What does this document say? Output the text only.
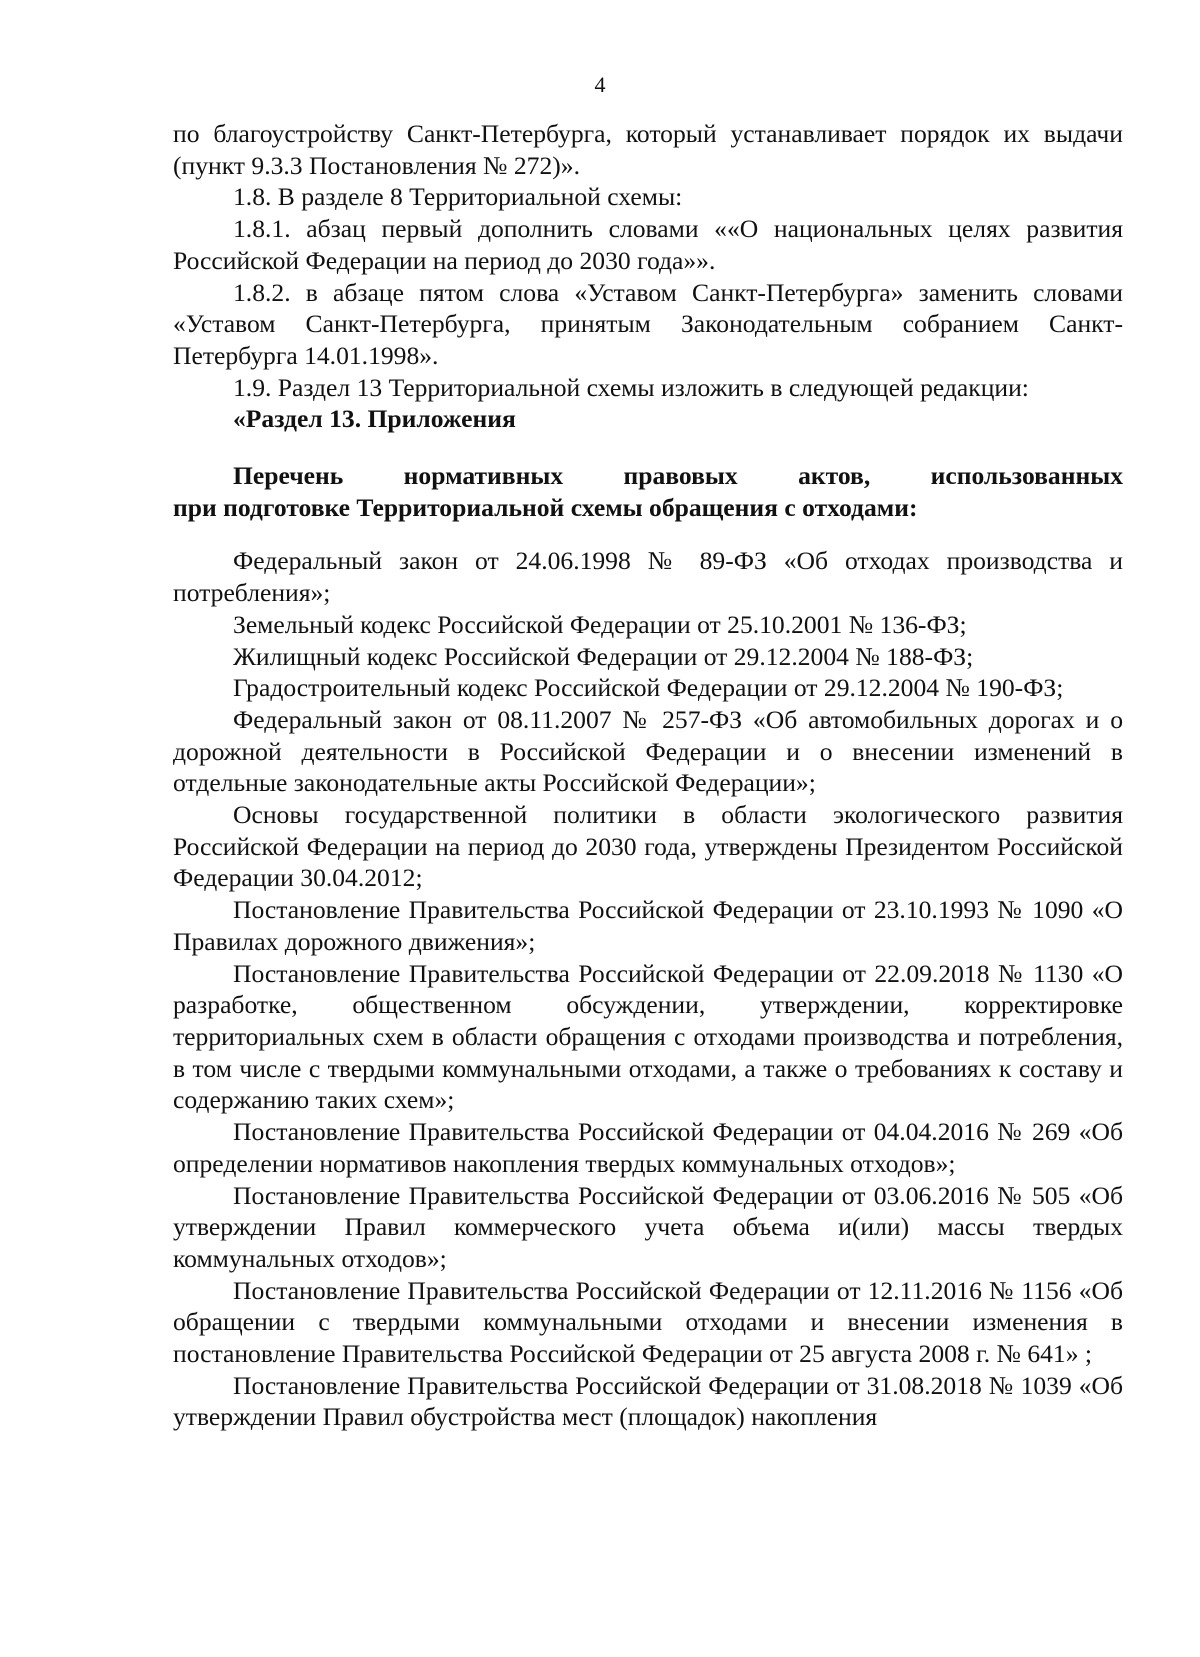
4

по благоустройству Санкт-Петербурга, который устанавливает порядок их выдачи (пункт 9.3.3 Постановления № 272)».

1.8. В разделе 8 Территориальной схемы:

1.8.1. абзац первый дополнить словами ««О национальных целях развития Российской Федерации на период до 2030 года»».

1.8.2. в абзаце пятом слова «Уставом Санкт-Петербурга» заменить словами «Уставом Санкт-Петербурга, принятым Законодательным собранием Санкт-Петербурга 14.01.1998».

1.9. Раздел 13 Территориальной схемы изложить в следующей редакции:

«Раздел 13. Приложения

Перечень нормативных правовых актов, использованных
при подготовке Территориальной схемы обращения с отходами:

Федеральный закон от 24.06.1998 № 89-ФЗ «Об отходах производства и потребления»;

Земельный кодекс Российской Федерации от 25.10.2001 № 136-ФЗ;

Жилищный кодекс Российской Федерации от 29.12.2004 № 188-ФЗ;

Градостроительный кодекс Российской Федерации от 29.12.2004 № 190-ФЗ;

Федеральный закон от 08.11.2007 № 257-ФЗ «Об автомобильных дорогах и о дорожной деятельности в Российской Федерации и о внесении изменений в отдельные законодательные акты Российской Федерации»;

Основы государственной политики в области экологического развития Российской Федерации на период до 2030 года, утверждены Президентом Российской Федерации 30.04.2012;

Постановление Правительства Российской Федерации от 23.10.1993 № 1090 «О Правилах дорожного движения»;

Постановление Правительства Российской Федерации от 22.09.2018 № 1130 «О разработке, общественном обсуждении, утверждении, корректировке территориальных схем в области обращения с отходами производства и потребления, в том числе с твердыми коммунальными отходами, а также о требованиях к составу и содержанию таких схем»;

Постановление Правительства Российской Федерации от 04.04.2016 № 269 «Об определении нормативов накопления твердых коммунальных отходов»;

Постановление Правительства Российской Федерации от 03.06.2016 № 505 «Об утверждении Правил коммерческого учета объема и(или) массы твердых коммунальных отходов»;

Постановление Правительства Российской Федерации от 12.11.2016 № 1156 «Об обращении с твердыми коммунальными отходами и внесении изменения в постановление Правительства Российской Федерации от 25 августа 2008 г. № 641» ;

Постановление Правительства Российской Федерации от 31.08.2018 № 1039 «Об утверждении Правил обустройства мест (площадок) накопления
